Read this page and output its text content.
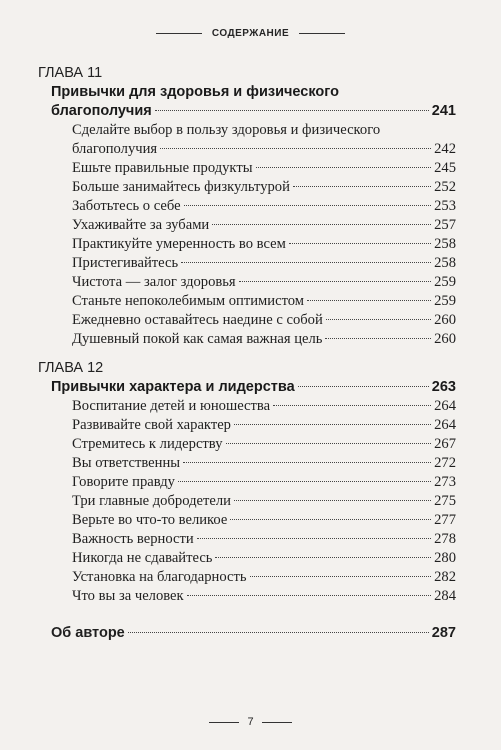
СОДЕРЖАНИЕ
ГЛАВА 11
Привычки для здоровья и физического
благополучия	241
Сделайте выбор в пользу здоровья и физического
благополучия	242
Ешьте правильные продукты	245
Больше занимайтесь физкультурой	252
Заботьтесь о себе	253
Ухаживайте за зубами	257
Практикуйте умеренность во всем	258
Пристегивайтесь	258
Чистота — залог здоровья	259
Станьте непоколебимым оптимистом	259
Ежедневно оставайтесь наедине с собой	260
Душевный покой как самая важная цель	260
ГЛАВА 12
Привычки характера и лидерства	263
Воспитание детей и юношества	264
Развивайте свой характер	264
Стремитесь к лидерству	267
Вы ответственны	272
Говорите правду	273
Три главные добродетели	275
Верьте во что-то великое	277
Важность верности	278
Никогда не сдавайтесь	280
Установка на благодарность	282
Что вы за человек	284
Об авторе	287
7
